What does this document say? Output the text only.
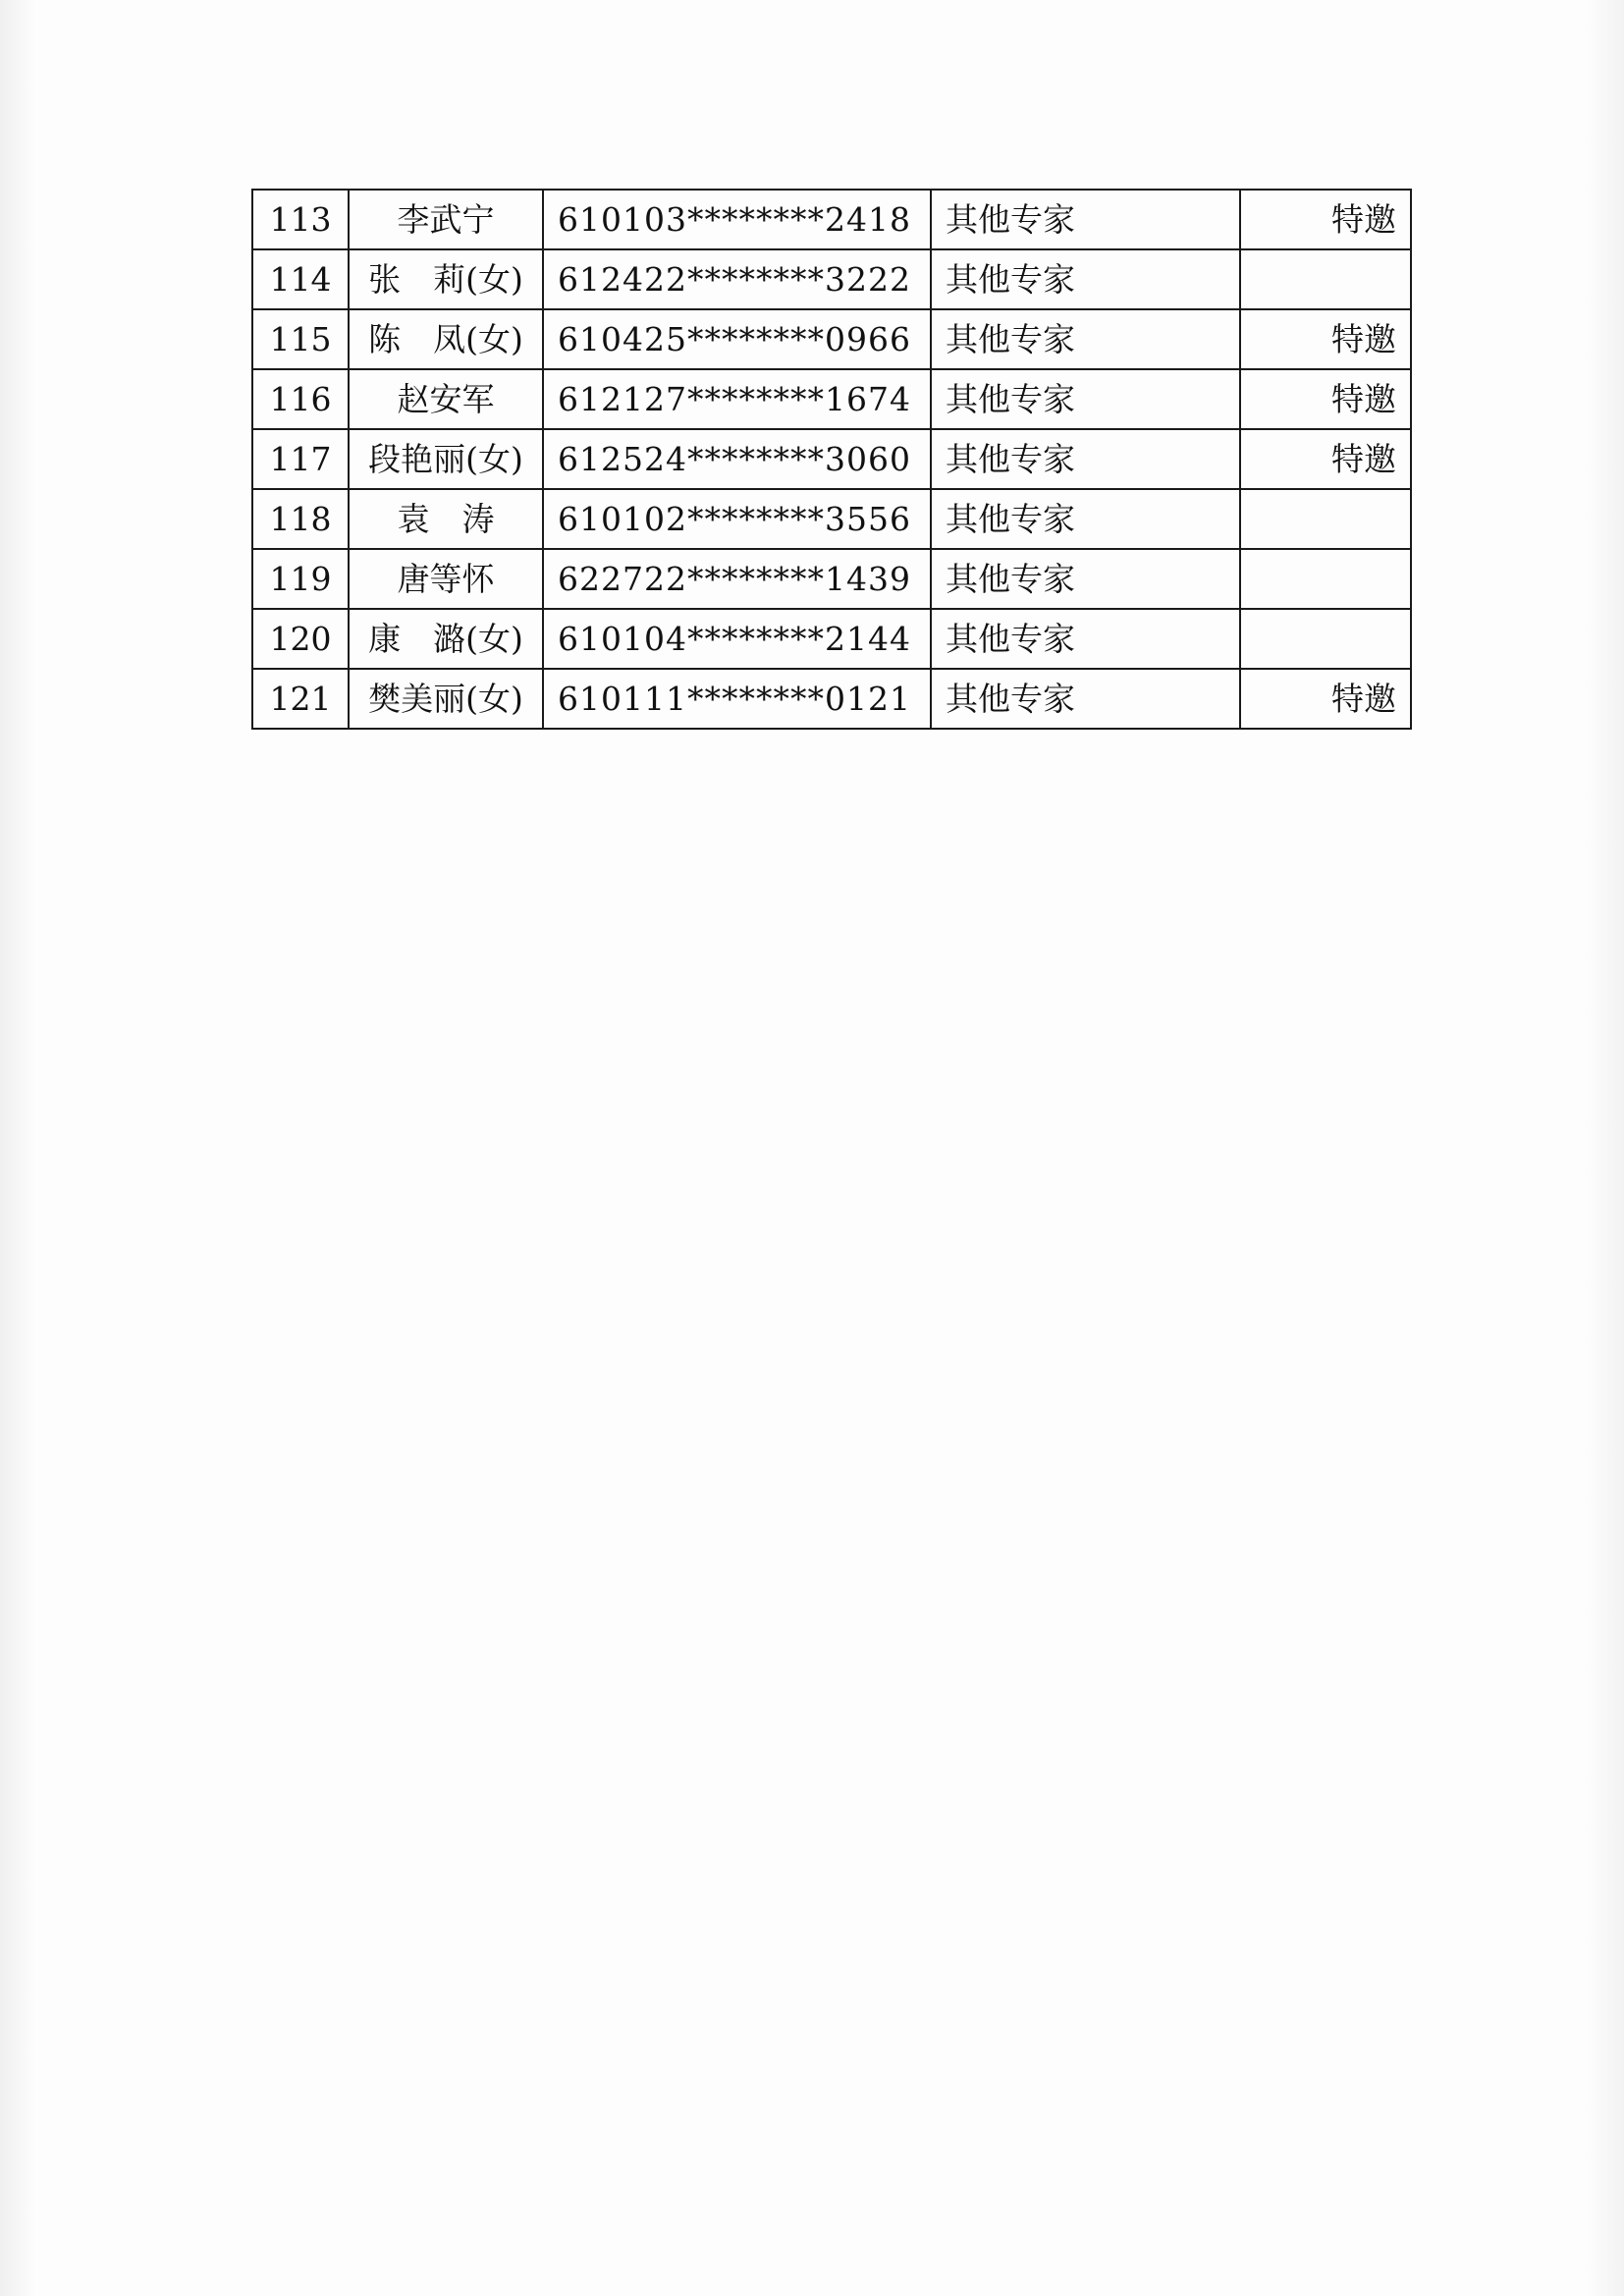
113	李武宁	610103********2418	其他专家	特邀
114	张　莉(女)	612422********3222	其他专家	
115	陈　凤(女)	610425********0966	其他专家	特邀
116	赵安军	612127********1674	其他专家	特邀
117	段艳丽(女)	612524********3060	其他专家	特邀
118	袁　涛	610102********3556	其他专家	
119	唐等怀	622722********1439	其他专家	
120	康　潞(女)	610104********2144	其他专家	
121	樊美丽(女)	610111********0121	其他专家	特邀
